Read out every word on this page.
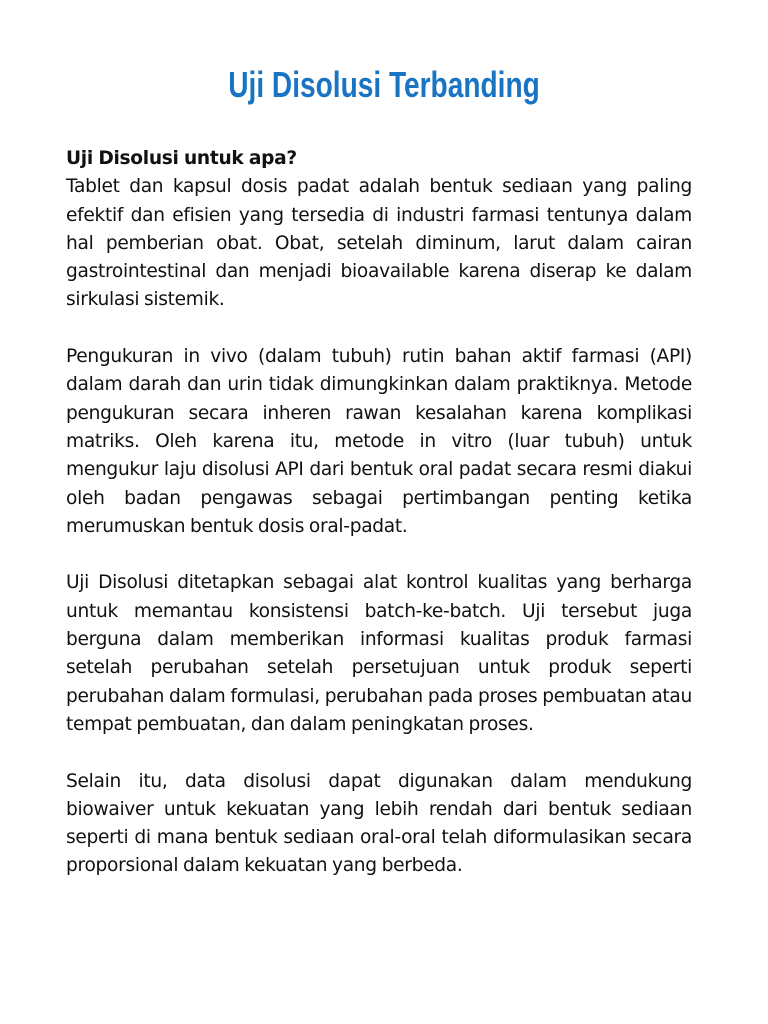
Uji Disolusi Terbanding

Uji Disolusi untuk apa?

Tablet dan kapsul dosis padat adalah bentuk sediaan yang paling efektif dan efisien yang tersedia di industri farmasi tentunya dalam hal pemberian obat. Obat, setelah diminum, larut dalam cairan gastrointestinal dan menjadi bioavailable karena diserap ke dalam sirkulasi sistemik.

Pengukuran in vivo (dalam tubuh) rutin bahan aktif farmasi (API) dalam darah dan urin tidak dimungkinkan dalam praktiknya. Metode pengukuran secara inheren rawan kesalahan karena komplikasi matriks. Oleh karena itu, metode in vitro (luar tubuh) untuk mengukur laju disolusi API dari bentuk oral padat secara resmi diakui oleh badan pengawas sebagai pertimbangan penting ketika merumuskan bentuk dosis oral-padat.

Uji Disolusi ditetapkan sebagai alat kontrol kualitas yang berharga untuk memantau konsistensi batch-ke-batch. Uji tersebut juga berguna dalam memberikan informasi kualitas produk farmasi setelah perubahan setelah persetujuan untuk produk seperti perubahan dalam formulasi, perubahan pada proses pembuatan atau tempat pembuatan, dan dalam peningkatan proses.

Selain itu, data disolusi dapat digunakan dalam mendukung biowaiver untuk kekuatan yang lebih rendah dari bentuk sediaan seperti di mana bentuk sediaan oral-oral telah diformulasikan secara proporsional dalam kekuatan yang berbeda.
